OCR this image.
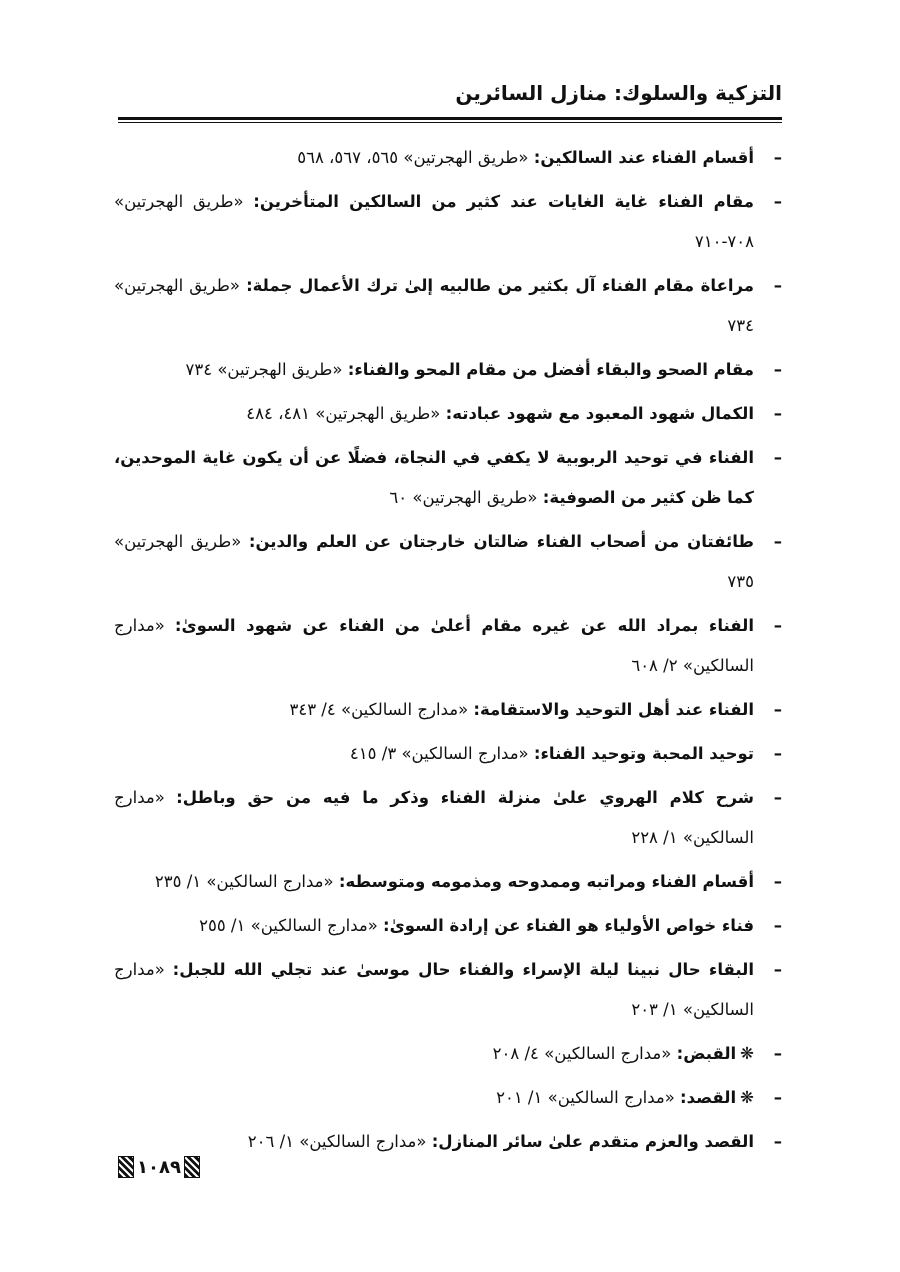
التزكية والسلوك: منازل السائرين
–
أقسام الفناء عند السالكين: «طريق الهجرتين» ٥٦٥، ٥٦٧، ٥٦٨
–
مقام الفناء غاية الغايات عند كثير من السالكين المتأخرين: «طريق الهجرتين» ٧٠٨-٧١٠
–
مراعاة مقام الفناء آل بكثير من طالبيه إلىٰ ترك الأعمال جملة: «طريق الهجرتين» ٧٣٤
–
مقام الصحو والبقاء أفضل من مقام المحو والفناء: «طريق الهجرتين» ٧٣٤
–
الكمال شهود المعبود مع شهود عبادته: «طريق الهجرتين» ٤٨١، ٤٨٤
–
الفناء في توحيد الربوبية لا يكفي في النجاة، فضلًا عن أن يكون غاية الموحدين، كما ظن كثير من الصوفية: «طريق الهجرتين» ٦٠
–
طائفتان من أصحاب الفناء ضالتان خارجتان عن العلم والدين: «طريق الهجرتين» ٧٣٥
–
الفناء بمراد الله عن غيره مقام أعلىٰ من الفناء عن شهود السوىٰ: «مدارج السالكين» ٢/ ٦٠٨
–
الفناء عند أهل التوحيد والاستقامة: «مدارج السالكين» ٤/ ٣٤٣
–
توحيد المحبة وتوحيد الفناء: «مدارج السالكين» ٣/ ٤١٥
–
شرح كلام الهروي علىٰ منزلة الفناء وذكر ما فيه من حق وباطل: «مدارج السالكين» ١/ ٢٢٨
–
أقسام الفناء ومراتبه وممدوحه ومذمومه ومتوسطه: «مدارج السالكين» ١/ ٢٣٥
–
فناء خواص الأولياء هو الفناء عن إرادة السوىٰ: «مدارج السالكين» ١/ ٢٥٥
–
البقاء حال نبينا ليلة الإسراء والفناء حال موسىٰ عند تجلي الله للجبل: «مدارج السالكين» ١/ ٢٠٣
–
❋القبض: «مدارج السالكين» ٤/ ٢٠٨
–
❋القصد: «مدارج السالكين» ١/ ٢٠١
–
القصد والعزم متقدم علىٰ سائر المنازل: «مدارج السالكين» ١/ ٢٠٦
١٠٨٩
